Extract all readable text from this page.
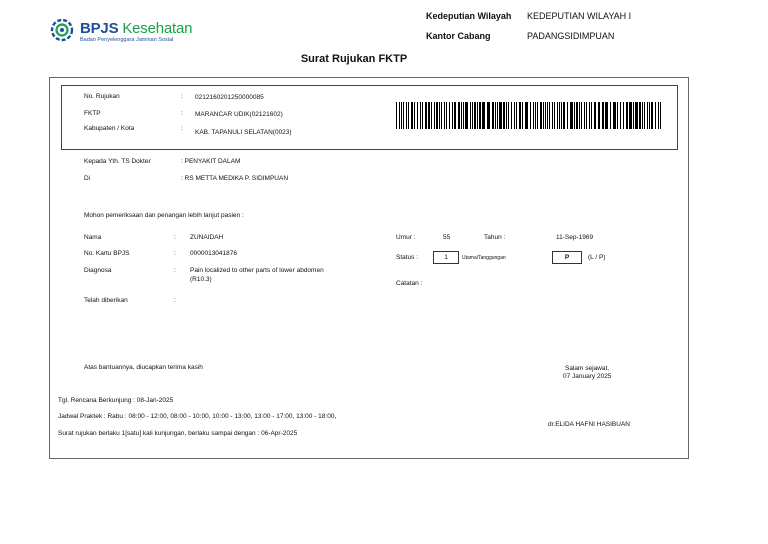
BPJS Kesehatan
Badan Penyelenggara Jaminan Sosial
Kedeputian Wilayah KEDEPUTIAN WILAYAH I
Kantor Cabang	PADANGSIDIMPUAN
Surat Rujukan FKTP
No. Rujukan	: 0212160201250000085
FKTP	: MARANCAR UDIK(02121602)
Kabupaten / Kota	:
KAB. TAPANULI SELATAN(0023)
Kepada Yth. TS Dokter	: PENYAKIT DALAM
Di	: RS METTA MEDIKA P. SIDIMPUAN
Mohon pemeriksaan dan penangan lebih lanjut pasien :
Nama	: ZUNAIDAH
No. Kartu BPJS	: 0000013041876
Diagnosa	: Pain localized to other parts of lower abdomen
(R10.3)
Telah diberikan	:
Umur :	55	Tahun :	11-Sep-1969
Status :	1	Utama/Tanggungan	P	(L / P)
Catatan :
Atas bantuannya, diucapkan terima kasih	Salam sejawat,
07 January 2025
Tgl. Rencana Berkunjung : 08-Jan-2025
Jadwal Praktek : Rabu : 08:00 - 12:00, 08:00 - 10:00, 10:00 - 13:00, 13:00 - 17:00, 13:00 - 18:00,
Surat rujukan berlaku 1[satu] kali kunjungan, berlaku sampai dengan : 06-Apr-2025
dr.ELIDA HAFNI HASIBUAN
